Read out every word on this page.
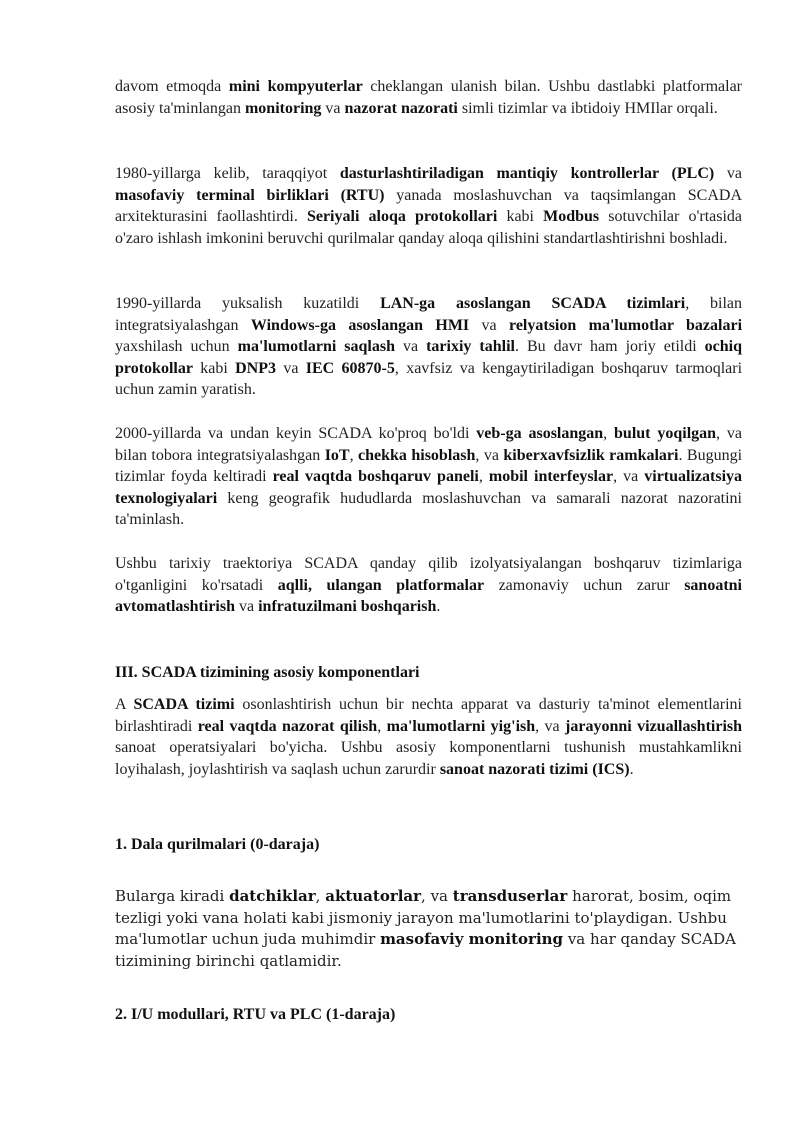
davom etmoqda mini kompyuterlar cheklangan ulanish bilan. Ushbu dastlabki platformalar asosiy ta'minlangan monitoring va nazorat nazorati simli tizimlar va ibtidoiy HMIlar orqali.

1980-yillarga kelib, taraqqiyot dasturlashtiriladigan mantiqiy kontrollerlar (PLC) va masofaviy terminal birliklari (RTU) yanada moslashuvchan va taqsimlangan SCADA arxitekturasini faollashtirdi. Seriyali aloqa protokollari kabi Modbus sotuvchilar o'rtasida o'zaro ishlash imkonini beruvchi qurilmalar qanday aloqa qilishini standartlashtirishni boshladi.

1990-yillarda yuksalish kuzatildi LAN-ga asoslangan SCADA tizimlari, bilan integratsiyalashgan Windows-ga asoslangan HMI va relyatsion ma'lumotlar bazalari yaxshilash uchun ma'lumotlarni saqlash va tarixiy tahlil. Bu davr ham joriy etildi ochiq protokollar kabi DNP3 va IEC 60870-5, xavfsiz va kengaytiriladigan boshqaruv tarmoqlari uchun zamin yaratish.

2000-yillarda va undan keyin SCADA ko'proq bo'ldi veb-ga asoslangan, bulut yoqilgan, va bilan tobora integratsiyalashgan IoT, chekka hisoblash, va kiberxavfsizlik ramkalari. Bugungi tizimlar foyda keltiradi real vaqtda boshqaruv paneli, mobil interfeyslar, va virtualizatsiya texnologiyalari keng geografik hududlarda moslashuvchan va samarali nazorat nazoratini ta'minlash.

Ushbu tarixiy traektoriya SCADA qanday qilib izolyatsiyalangan boshqaruv tizimlariga o'tganligini ko'rsatadi aqlli, ulangan platformalar zamonaviy uchun zarur sanoatni avtomatlashtirish va infratuzilmani boshqarish.

III. SCADA tizimining asosiy komponentlari

A SCADA tizimi osonlashtirish uchun bir nechta apparat va dasturiy ta'minot elementlarini birlashtiradi real vaqtda nazorat qilish, ma'lumotlarni yig'ish, va jarayonni vizuallashtirish sanoat operatsiyalari bo'yicha. Ushbu asosiy komponentlarni tushunish mustahkamlikni loyihalash, joylashtirish va saqlash uchun zarurdir sanoat nazorati tizimi (ICS).

1. Dala qurilmalari (0-daraja)

Bularga kiradi datchiklar, aktuatorlar, va transduserlar harorat, bosim, oqim tezligi yoki vana holati kabi jismoniy jarayon ma'lumotlarini to'playdigan. Ushbu ma'lumotlar uchun juda muhimdir masofaviy monitoring va har qanday SCADA tizimining birinchi qatlamidir.

2. I/U modullari, RTU va PLC (1-daraja)
